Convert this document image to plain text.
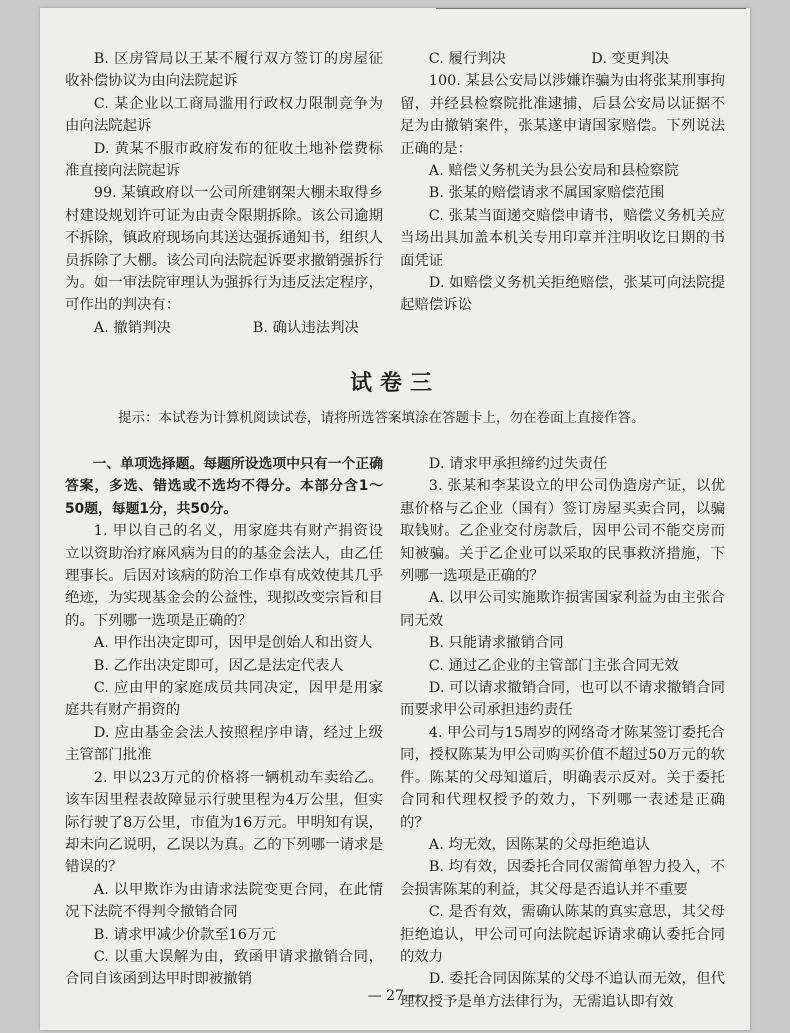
B. 区房管局以王某不履行双方签订的房屋征收补偿协议为由向法院起诉

C. 某企业以工商局滥用行政权力限制竞争为由向法院起诉

D. 黄某不服市政府发布的征收土地补偿费标准直接向法院起诉

99. 某镇政府以一公司所建钢架大棚未取得乡村建设规划许可证为由责令限期拆除。该公司逾期不拆除，镇政府现场向其送达强拆通知书，组织人员拆除了大棚。该公司向法院起诉要求撤销强拆行为。如一审法院审理认为强拆行为违反法定程序，可作出的判决有：

A. 撤销判决	B. 确认违法判决
C. 履行判决	D. 变更判决

100. 某县公安局以涉嫌诈骗为由将张某刑事拘留，并经县检察院批准逮捕，后县公安局以证据不足为由撤销案件，张某遂申请国家赔偿。下列说法正确的是：

A. 赔偿义务机关为县公安局和县检察院

B. 张某的赔偿请求不属国家赔偿范围

C. 张某当面递交赔偿申请书，赔偿义务机关应当场出具加盖本机关专用印章并注明收讫日期的书面凭证

D. 如赔偿义务机关拒绝赔偿，张某可向法院提起赔偿诉讼

试卷三
提示：本试卷为计算机阅读试卷，请将所选答案填涂在答题卡上，勿在卷面上直接作答。

一、单项选择题。每题所设选项中只有一个正确答案，多选、错选或不选均不得分。本部分含1～50题，每题1分，共50分。

1. 甲以自己的名义，用家庭共有财产捐资设立以资助治疗麻风病为目的的基金会法人，由乙任理事长。后因对该病的防治工作卓有成效使其几乎绝迹，为实现基金会的公益性，现拟改变宗旨和目的。下列哪一选项是正确的？

A. 甲作出决定即可，因甲是创始人和出资人

B. 乙作出决定即可，因乙是法定代表人

C. 应由甲的家庭成员共同决定，因甲是用家庭共有财产捐资的

D. 应由基金会法人按照程序申请，经过上级主管部门批准

2. 甲以23万元的价格将一辆机动车卖给乙。该车因里程表故障显示行驶里程为4万公里，但实际行驶了8万公里，市值为16万元。甲明知有误，却未向乙说明，乙误以为真。乙的下列哪一请求是错误的？

A. 以甲欺诈为由请求法院变更合同，在此情况下法院不得判令撤销合同

B. 请求甲减少价款至16万元

C. 以重大误解为由，致函甲请求撤销合同，合同自该函到达甲时即被撤销

D. 请求甲承担缔约过失责任

3. 张某和李某设立的甲公司伪造房产证，以优惠价格与乙企业（国有）签订房屋买卖合同，以骗取钱财。乙企业交付房款后，因甲公司不能交房而知被骗。关于乙企业可以采取的民事救济措施，下列哪一选项是正确的？

A. 以甲公司实施欺诈损害国家利益为由主张合同无效

B. 只能请求撤销合同

C. 通过乙企业的主管部门主张合同无效

D. 可以请求撤销合同，也可以不请求撤销合同而要求甲公司承担违约责任

4. 甲公司与15周岁的网络奇才陈某签订委托合同，授权陈某为甲公司购买价值不超过50万元的软件。陈某的父母知道后，明确表示反对。关于委托合同和代理权授予的效力，下列哪一表述是正确的？

A. 均无效，因陈某的父母拒绝追认

B. 均有效，因委托合同仅需简单智力投入，不会损害陈某的利益，其父母是否追认并不重要

C. 是否有效，需确认陈某的真实意思，其父母拒绝追认，甲公司可向法院起诉请求确认委托合同的效力

D. 委托合同因陈某的父母不追认而无效，但代理权授予是单方法律行为，无需追认即有效

— 27 —
